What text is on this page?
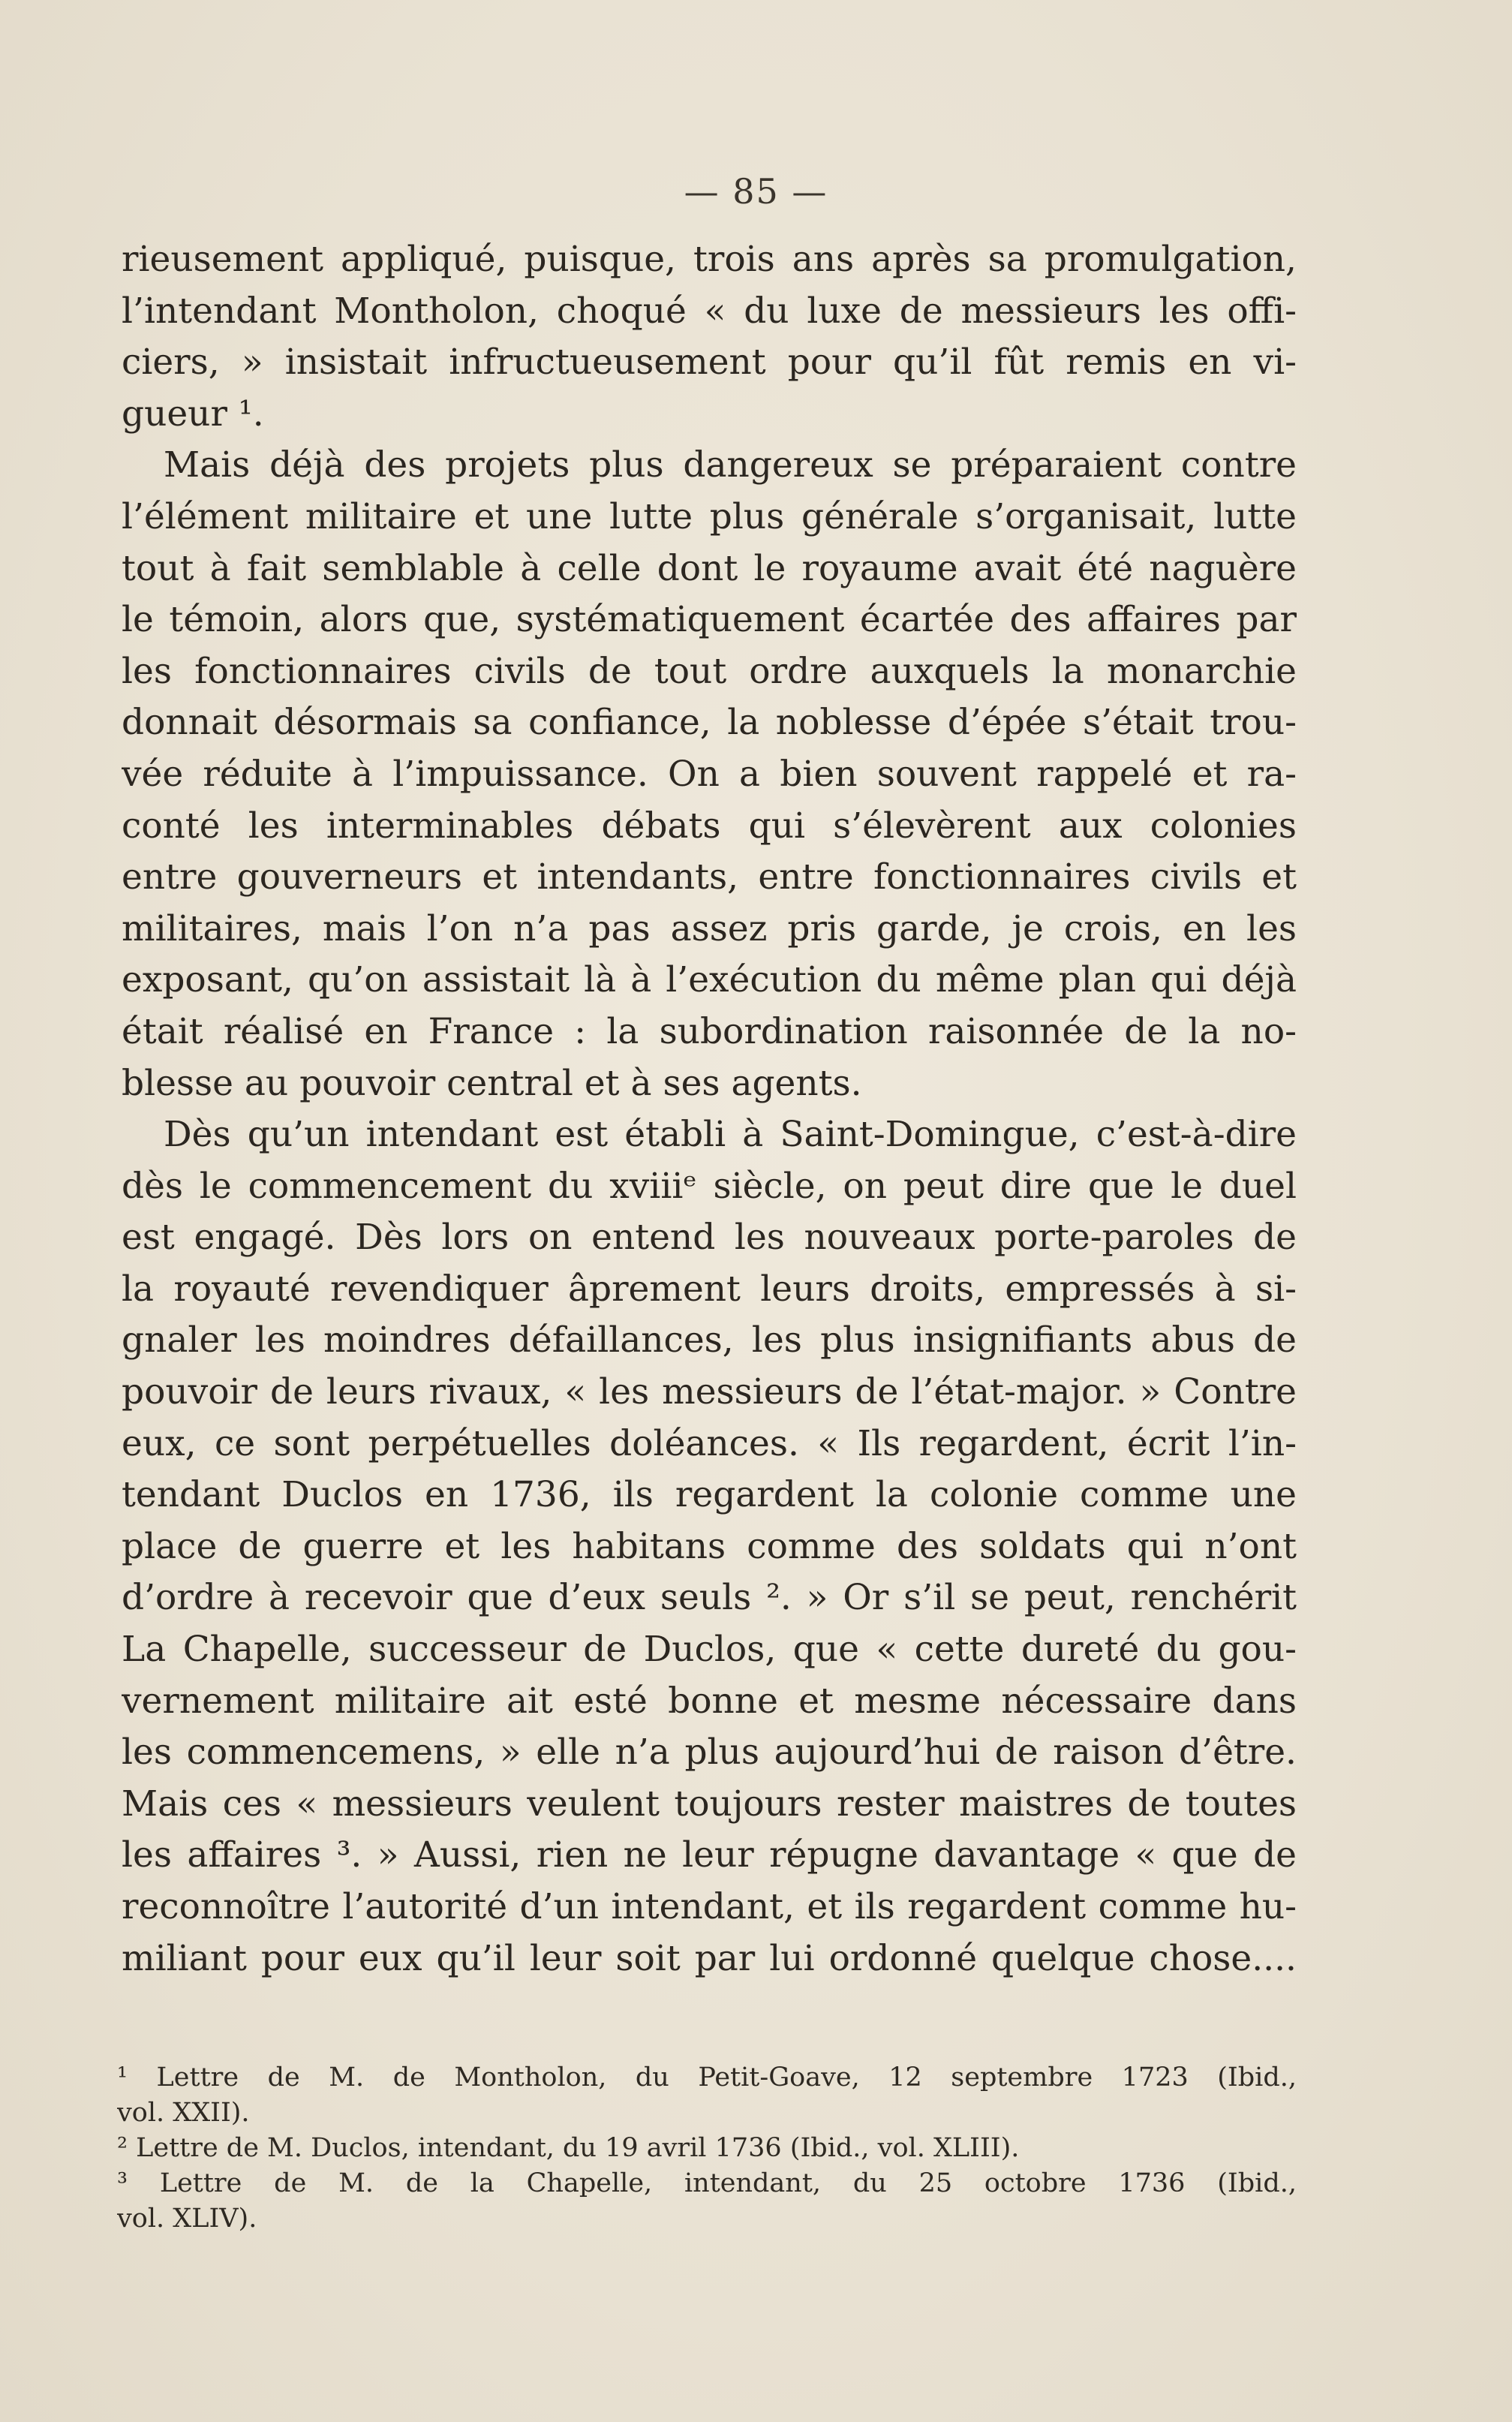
— 85 —
rieusement appliqué, puisque, trois ans après sa promulgation,
l’intendant Montholon, choqué « du luxe de messieurs les offi-
ciers, » insistait infructueusement pour qu’il fût remis en vi-
gueur ¹.
Mais déjà des projets plus dangereux se préparaient contre
l’élément militaire et une lutte plus générale s’organisait, lutte
tout à fait semblable à celle dont le royaume avait été naguère
le témoin, alors que, systématiquement écartée des affaires par
les fonctionnaires civils de tout ordre auxquels la monarchie
donnait désormais sa confiance, la noblesse d’épée s’était trou-
vée réduite à l’impuissance. On a bien souvent rappelé et ra-
conté les interminables débats qui s’élevèrent aux colonies
entre gouverneurs et intendants, entre fonctionnaires civils et
militaires, mais l’on n’a pas assez pris garde, je crois, en les
exposant, qu’on assistait là à l’exécution du même plan qui déjà
était réalisé en France : la subordination raisonnée de la no-
blesse au pouvoir central et à ses agents.
Dès qu’un intendant est établi à Saint-Domingue, c’est-à-dire
dès le commencement du xviiiᵉ siècle, on peut dire que le duel
est engagé. Dès lors on entend les nouveaux porte-paroles de
la royauté revendiquer âprement leurs droits, empressés à si-
gnaler les moindres défaillances, les plus insignifiants abus de
pouvoir de leurs rivaux, « les messieurs de l’état-major. » Contre
eux, ce sont perpétuelles doléances. « Ils regardent, écrit l’in-
tendant Duclos en 1736, ils regardent la colonie comme une
place de guerre et les habitans comme des soldats qui n’ont
d’ordre à recevoir que d’eux seuls ². » Or s’il se peut, renchérit
La Chapelle, successeur de Duclos, que « cette dureté du gou-
vernement militaire ait esté bonne et mesme nécessaire dans
les commencemens, » elle n’a plus aujourd’hui de raison d’être.
Mais ces « messieurs veulent toujours rester maistres de toutes
les affaires ³. » Aussi, rien ne leur répugne davantage « que de
reconnoître l’autorité d’un intendant, et ils regardent comme hu-
miliant pour eux qu’il leur soit par lui ordonné quelque chose....
¹ Lettre de M. de Montholon, du Petit-Goave, 12 septembre 1723 (Ibid.,
vol. XXII).
² Lettre de M. Duclos, intendant, du 19 avril 1736 (Ibid., vol. XLIII).
³ Lettre de M. de la Chapelle, intendant, du 25 octobre 1736 (Ibid.,
vol. XLIV).
